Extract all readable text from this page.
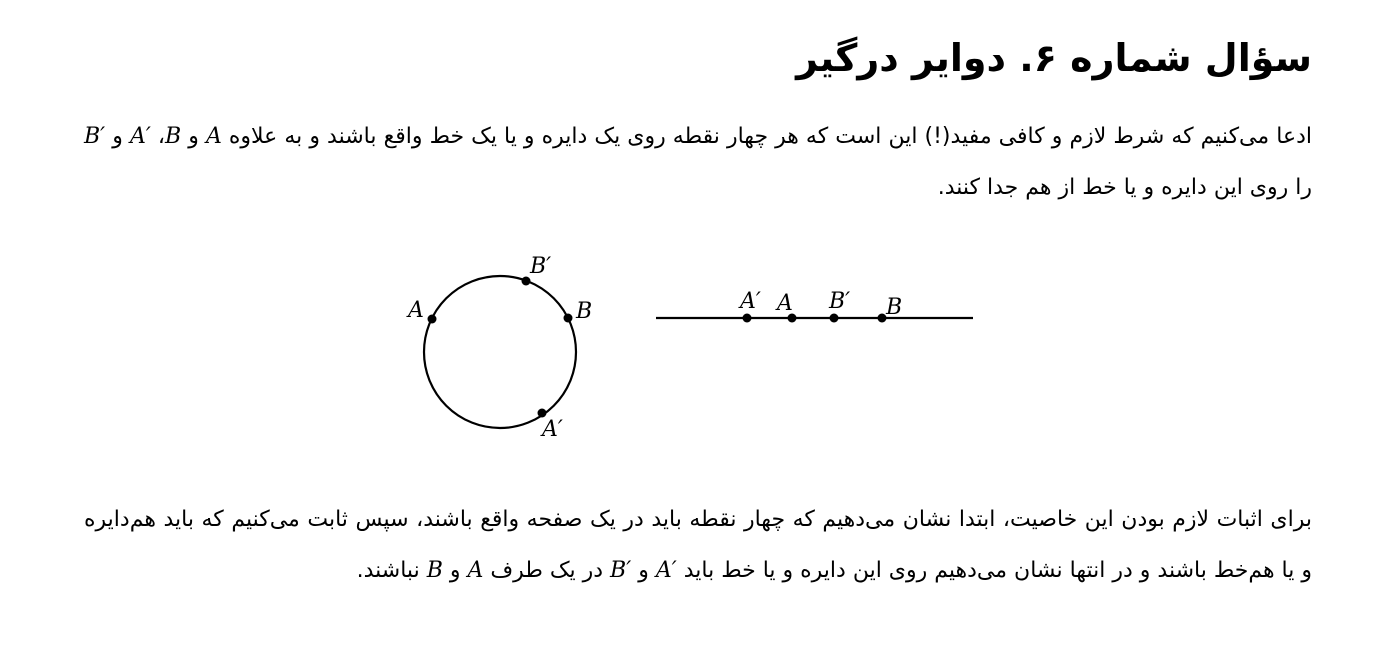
سؤال شماره ۶. دوایر درگیر
ادعا می‌کنیم که شرط لازم و کافی مفید(!) این است که هر چهار نقطه روی یک دایره و یا یک خط واقع باشند و به علاوه A و B، A′ و B′ را روی این دایره و یا خط از هم جدا کنند.
A
B′
B
A′
A′ A B′ B
برای اثبات لازم بودن این خاصیت، ابتدا نشان می‌دهیم که چهار نقطه باید در یک صفحه واقع باشند، سپس ثابت می‌کنیم که باید هم‌دایره و یا هم‌خط باشند و در انتها نشان می‌دهیم روی این دایره و یا خط باید A′ و B′ در یک طرف A و B نباشند.
